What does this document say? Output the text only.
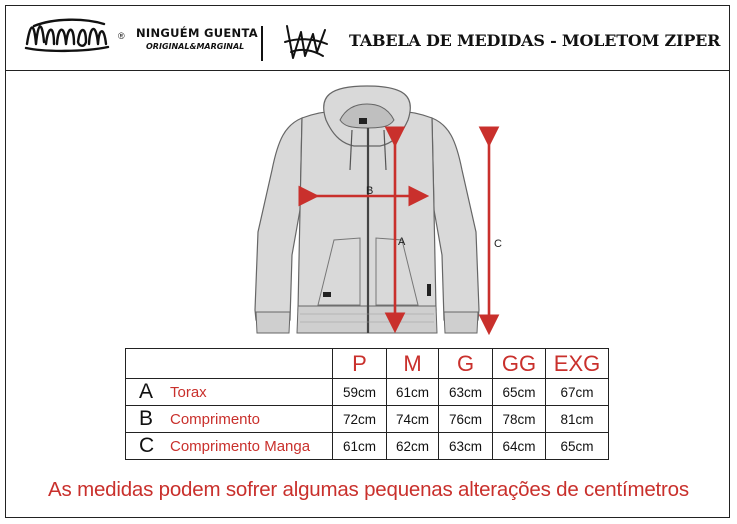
® NINGUÉM GUENTA
ORIGINAL&MARGINAL	TABELA DE MEDIDAS - MOLETOM ZIPER
B
A	C
	P	M	G	GG	EXG

A Torax	59cm	61cm	63cm	65cm	67cm

B Comprimento	72cm	74cm	76cm	78cm	81cm

C Comprimento Manga	61cm	62cm	63cm	64cm	65cm
As medidas podem sofrer algumas pequenas alterações de centímetros
